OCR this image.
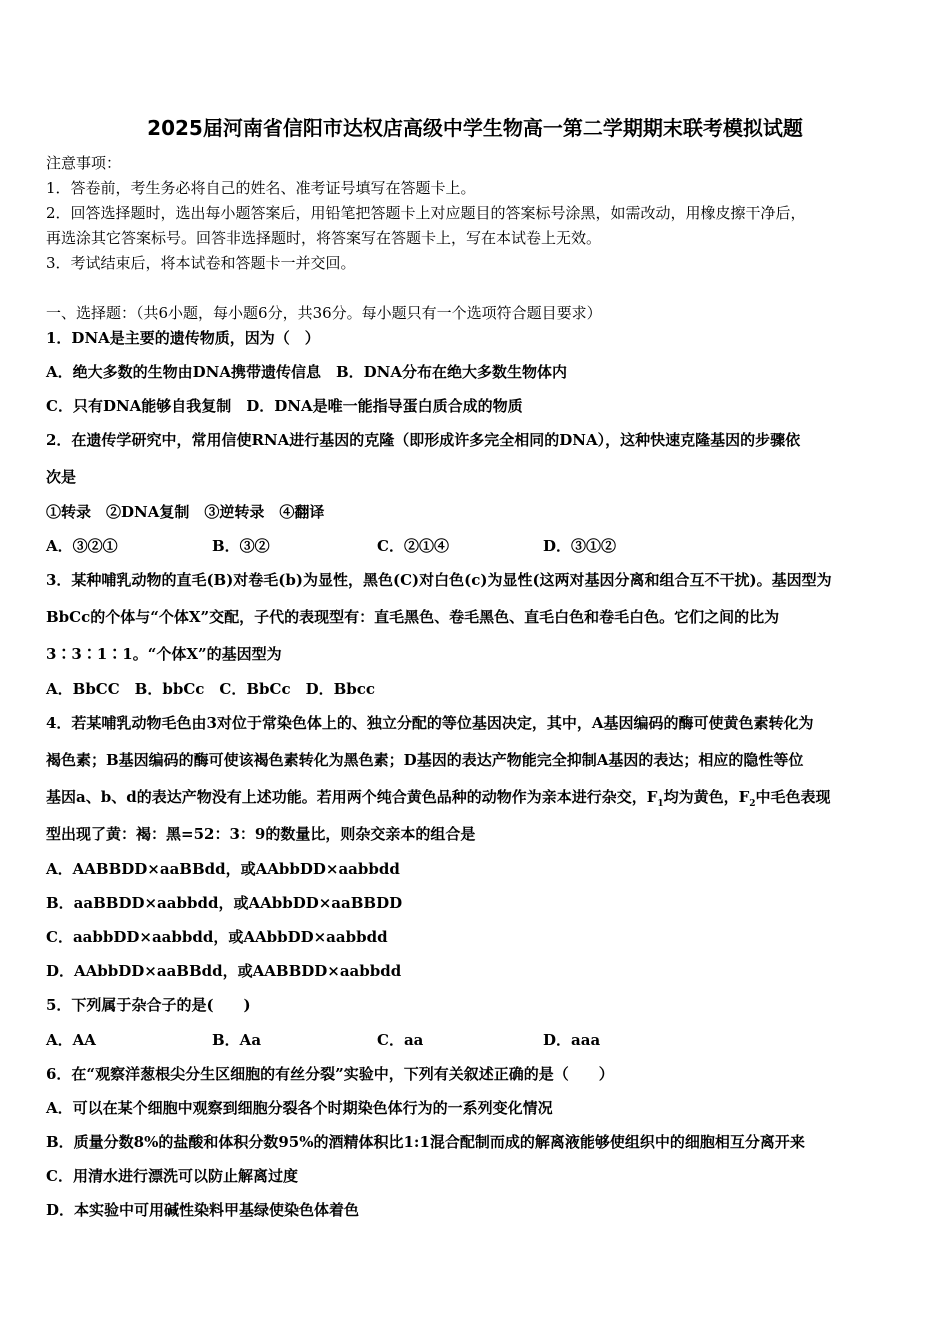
2025届河南省信阳市达权店高级中学生物高一第二学期期末联考模拟试题
注意事项：
1．答卷前，考生务必将自己的姓名、准考证号填写在答题卡上。
2．回答选择题时，选出每小题答案后，用铅笔把答题卡上对应题目的答案标号涂黑，如需改动，用橡皮擦干净后，
再选涂其它答案标号。回答非选择题时，将答案写在答题卡上，写在本试卷上无效。
3．考试结束后，将本试卷和答题卡一并交回。
一、选择题：（共6小题，每小题6分，共36分。每小题只有一个选项符合题目要求）
1．DNA是主要的遗传物质，因为（　）
A．绝大多数的生物由DNA携带遗传信息　B．DNA分布在绝大多数生物体内
C．只有DNA能够自我复制　D．DNA是唯一能指导蛋白质合成的物质
2．在遗传学研究中，常用信使RNA进行基因的克隆（即形成许多完全相同的DNA），这种快速克隆基因的步骤依
次是
①转录　②DNA复制　③逆转录　④翻译
A．③②①	B．③②	C．②①④	D．③①②
3．某种哺乳动物的直毛(B)对卷毛(b)为显性，黑色(C)对白色(c)为显性(这两对基因分离和组合互不干扰)。基因型为
BbCc的个体与“个体X”交配，子代的表现型有：直毛黑色、卷毛黑色、直毛白色和卷毛白色。它们之间的比为
3∶3∶1∶1。“个体X”的基因型为
A．BbCC　B．bbCc　C．BbCc　D．Bbcc
4．若某哺乳动物毛色由3对位于常染色体上的、独立分配的等位基因决定，其中，A基因编码的酶可使黄色素转化为
褐色素；B基因编码的酶可使该褐色素转化为黑色素；D基因的表达产物能完全抑制A基因的表达；相应的隐性等位
基因a、b、d的表达产物没有上述功能。若用两个纯合黄色品种的动物作为亲本进行杂交，$F_1$均为黄色，$F_2$中毛色表现
型出现了黄：褐：黑=52：3：9的数量比，则杂交亲本的组合是
A．AABBDD×aaBBdd，或AAbbDD×aabbdd
B．aaBBDD×aabbdd，或AAbbDD×aaBBDD
C．aabbDD×aabbdd，或AAbbDD×aabbdd
D．AAbbDD×aaBBdd，或AABBDD×aabbdd
5．下列属于杂合子的是(　　)
A．AA	B．Aa	C．aa	D．aaa
6．在“观察洋葱根尖分生区细胞的有丝分裂”实验中，下列有关叙述正确的是（　　）
A．可以在某个细胞中观察到细胞分裂各个时期染色体行为的一系列变化情况
B．质量分数8%的盐酸和体积分数95%的酒精体积比1:1混合配制而成的解离液能够使组织中的细胞相互分离开来
C．用清水进行漂洗可以防止解离过度
D．本实验中可用碱性染料甲基绿使染色体着色
